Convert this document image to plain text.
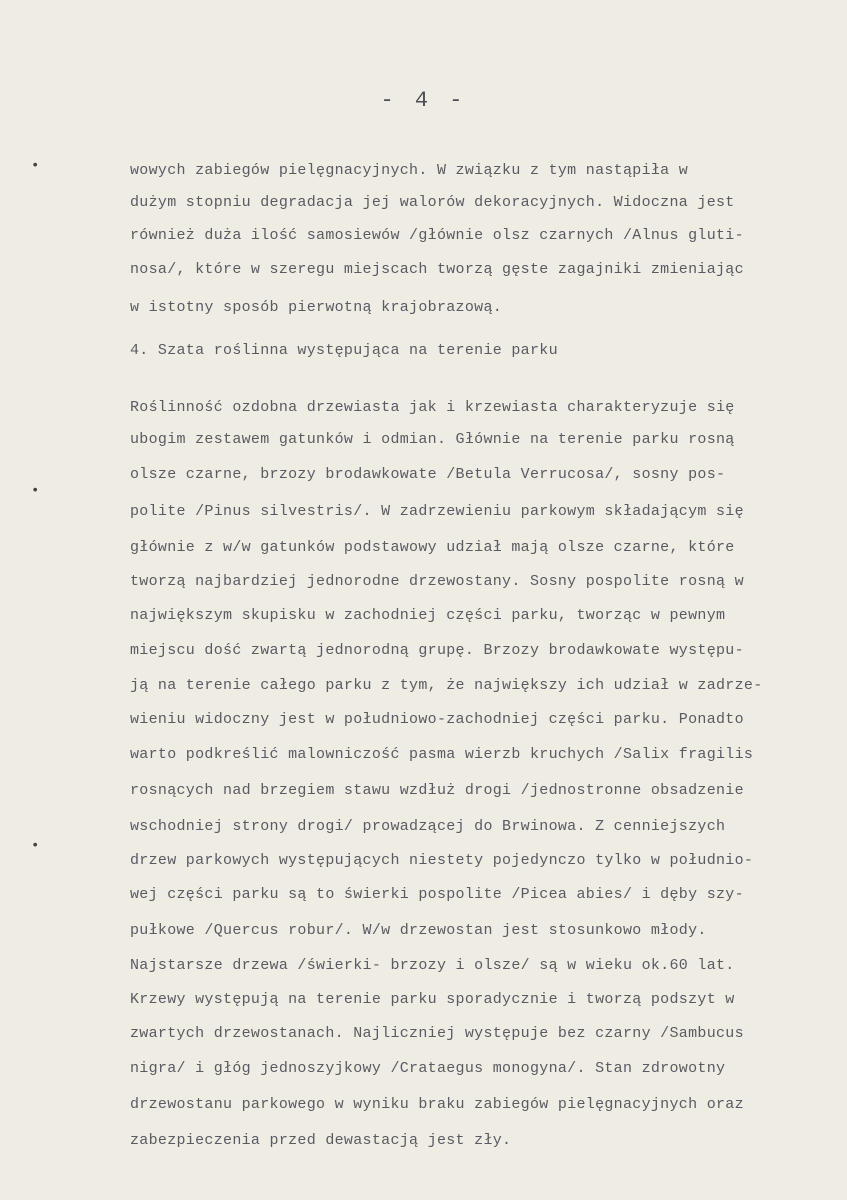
- 4 -
•
•
•
wowych zabiegów pielęgnacyjnych. W związku z tym nastąpiła w
dużym stopniu degradacja jej walorów dekoracyjnych. Widoczna jest
również duża ilość samosiewów /głównie olsz czarnych /Alnus gluti-
nosa/, które w szeregu miejscach tworzą gęste zagajniki zmieniając
w istotny sposób pierwotną krajobrazową.
4. Szata roślinna występująca na terenie parku
Roślinność ozdobna drzewiasta jak i krzewiasta charakteryzuje się
ubogim zestawem gatunków i odmian. Głównie na terenie parku rosną
olsze czarne, brzozy brodawkowate /Betula Verrucosa/, sosny pos-
polite /Pinus silvestris/. W zadrzewieniu parkowym składającym się
głównie z w/w gatunków podstawowy udział mają olsze czarne, które
tworzą najbardziej jednorodne drzewostany. Sosny pospolite rosną w
największym skupisku w zachodniej części parku, tworząc w pewnym
miejscu dość zwartą jednorodną grupę. Brzozy brodawkowate występu-
ją na terenie całego parku z tym, że największy ich udział w zadrze-
wieniu widoczny jest w południowo-zachodniej części parku. Ponadto
warto podkreślić malowniczość pasma wierzb kruchych /Salix fragilis
rosnących nad brzegiem stawu wzdłuż drogi /jednostronne obsadzenie
wschodniej strony drogi/ prowadzącej do Brwinowa. Z cenniejszych
drzew parkowych występujących niestety pojedynczo tylko w południo-
wej części parku są to świerki pospolite /Picea abies/ i dęby szy-
pułkowe /Quercus robur/. W/w drzewostan jest stosunkowo młody.
Najstarsze drzewa /świerki- brzozy i olsze/ są w wieku ok.60 lat.
Krzewy występują na terenie parku sporadycznie i tworzą podszyt w
zwartych drzewostanach. Najliczniej występuje bez czarny /Sambucus
nigra/ i głóg jednoszyjkowy /Crataegus monogyna/. Stan zdrowotny
drzewostanu parkowego w wyniku braku zabiegów pielęgnacyjnych oraz
zabezpieczenia przed dewastacją jest zły.
